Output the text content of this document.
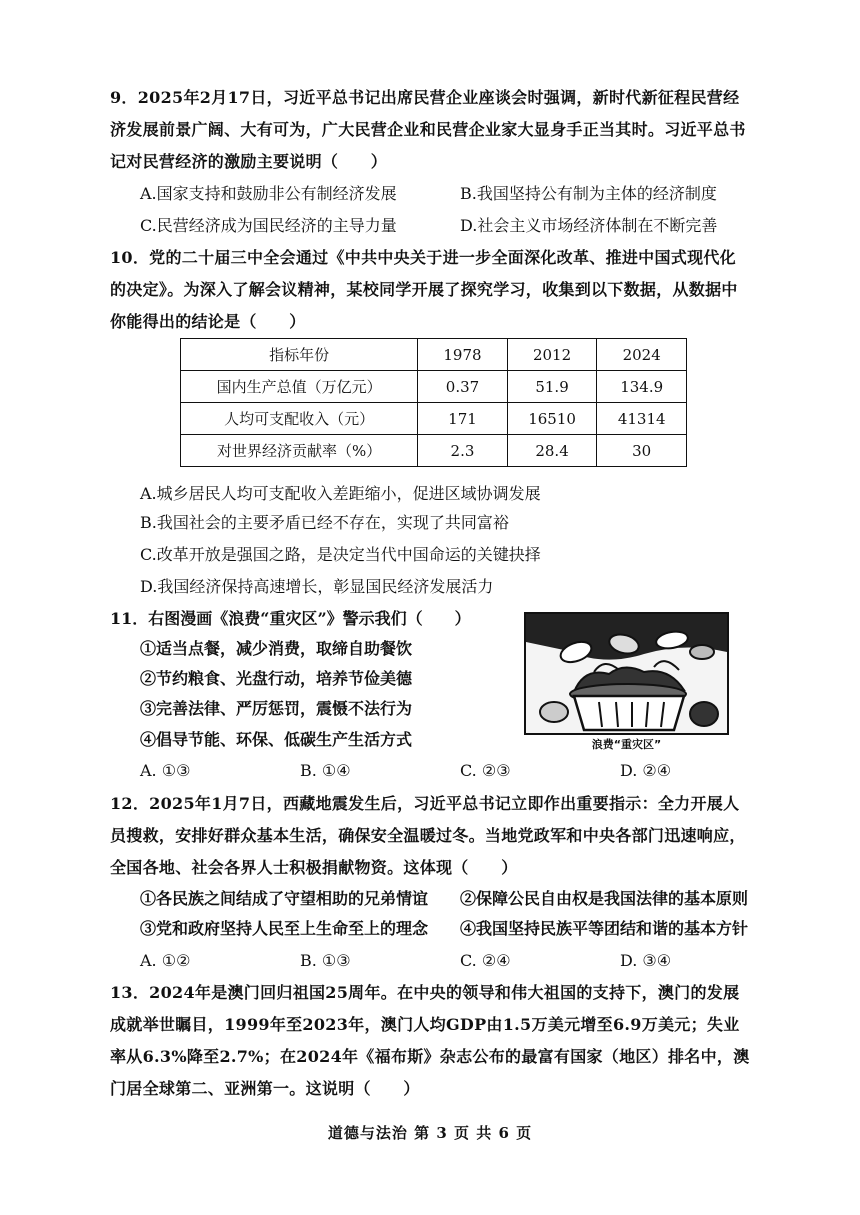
9．2025年2月17日，习近平总书记出席民营企业座谈会时强调，新时代新征程民营经济发展前景广阔、大有可为，广大民营企业和民营企业家大显身手正当其时。习近平总书记对民营经济的激励主要说明（　　）

A.国家支持和鼓励非公有制经济发展	B.我国坚持公有制为主体的经济制度
C.民营经济成为国民经济的主导力量	D.社会主义市场经济体制在不断完善

10．党的二十届三中全会通过《中共中央关于进一步全面深化改革、推进中国式现代化的决定》。为深入了解会议精神，某校同学开展了探究学习，收集到以下数据，从数据中你能得出的结论是（　　）

指标年份	1978	2012	2024
国内生产总值（万亿元）	0.37	51.9	134.9
人均可支配收入（元）	171	16510	41314
对世界经济贡献率（%）	2.3	28.4	30
A.城乡居民人均可支配收入差距缩小，促进区域协调发展
B.我国社会的主要矛盾已经不存在，实现了共同富裕
C.改革开放是强国之路，是决定当代中国命运的关键抉择
D.我国经济保持高速增长，彰显国民经济发展活力
11．右图漫画《浪费“重灾区”》警示我们（　　）
①适当点餐，减少消费，取缔自助餐饮
②节约粮食、光盘行动，培养节俭美德
③完善法律、严厉惩罚，震慑不法行为
④倡导节能、环保、低碳生产生活方式
A. ①③	B. ①④	C. ②③	D. ②④
浪费“重灾区”

12．2025年1月7日，西藏地震发生后，习近平总书记立即作出重要指示：全力开展人员搜救，安排好群众基本生活，确保安全温暖过冬。当地党政军和中央各部门迅速响应，全国各地、社会各界人士积极捐献物资。这体现（　　）

①各民族之间结成了守望相助的兄弟情谊 ②保障公民自由权是我国法律的基本原则
③党和政府坚持人民至上生命至上的理念 ④我国坚持民族平等团结和谐的基本方针
A. ①②	B. ①③	C. ②④	D. ③④

13．2024年是澳门回归祖国25周年。在中央的领导和伟大祖国的支持下，澳门的发展成就举世瞩目，1999年至2023年，澳门人均GDP由1.5万美元增至6.9万美元；失业率从6.3%降至2.7%；在2024年《福布斯》杂志公布的最富有国家（地区）排名中，澳门居全球第二、亚洲第一。这说明（　　）

道德与法治 第 3 页 共 6 页
